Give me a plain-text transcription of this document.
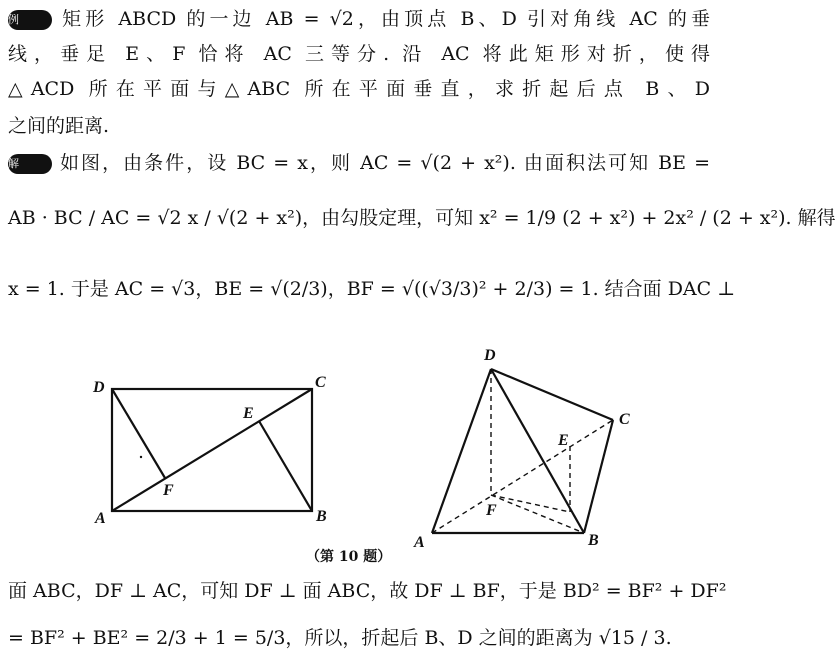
例 矩形 ABCD 的一边 AB = √2，由顶点 B、D 引对角线 AC 的垂
线，垂足 E、F 恰将 AC 三等分. 沿 AC 将此矩形对折，使得
△ACD 所在平面与△ABC 所在平面垂直，求折起后点 B、D
之间的距离.
解 如图，由条件，设 BC = x，则 AC = √(2 + x²). 由面积法可知 BE =
AB · BC / AC = √2 x / √(2 + x²)，由勾股定理，可知 x² = 1/9 (2 + x²) + 2x² / (2 + x²). 解得
x = 1. 于是 AC = √3，BE = √(2/3)，BF = √((√3/3)² + 2/3) = 1. 结合面 DAC ⊥
D	C
E
F
A	B
D
C
E
F
A	B
（第 10 题）
面 ABC，DF ⊥ AC，可知 DF ⊥ 面 ABC，故 DF ⊥ BF，于是 BD² = BF² + DF²
= BF² + BE² = 2/3 + 1 = 5/3，所以，折起后 B、D 之间的距离为 √15 / 3.
